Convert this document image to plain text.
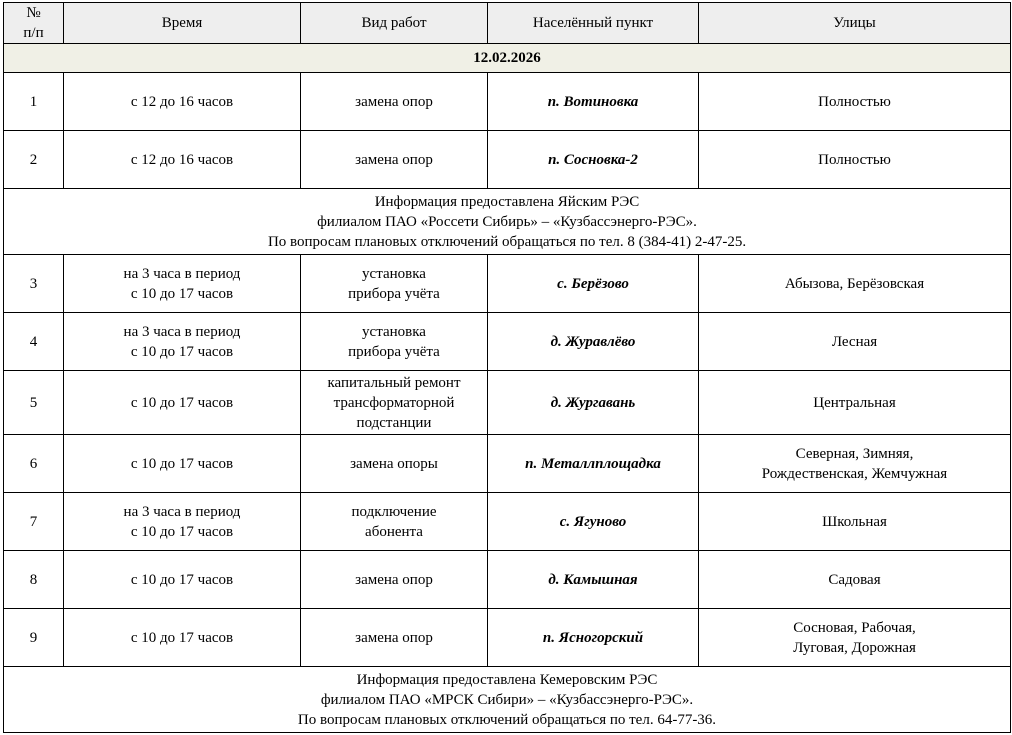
№
п/п	Время	Вид работ	Населённый пункт	Улицы
12.02.2026				
1	с 12 до 16 часов	замена опор	п. Вотиновка	Полностью

2	с 12 до 16 часов	замена опор	п. Сосновка-2	Полностью

Информация предоставлена Яйским РЭС
филиалом ПАО «Россети Сибирь» – «Кузбассэнерго-РЭС».
По вопросам плановых отключений обращаться по тел. 8 (384-41) 2-47-25.				

3	на 3 часа в период
с 10 до 17 часов	установка
прибора учёта	с. Берёзово	Абызова, Берёзовская

4	на 3 часа в период
с 10 до 17 часов	установка
прибора учёта	д. Журавлёво	Лесная

5	с 10 до 17 часов	капитальный ремонт
трансформаторной
подстанции	д. Жургавань	Центральная

6	с 10 до 17 часов	замена опоры	п. Металлплощадка	Северная, Зимняя,
Рождественская, Жемчужная

7	на 3 часа в период
с 10 до 17 часов	подключение
абонента	с. Ягуново	Школьная

8	с 10 до 17 часов	замена опор	д. Камышная	Садовая

9	с 10 до 17 часов	замена опор	п. Ясногорский	Сосновая, Рабочая,
Луговая, Дорожная

Информация предоставлена Кемеровским РЭС
филиалом ПАО «МРСК Сибири» – «Кузбассэнерго-РЭС».
По вопросам плановых отключений обращаться по тел. 64-77-36.				
